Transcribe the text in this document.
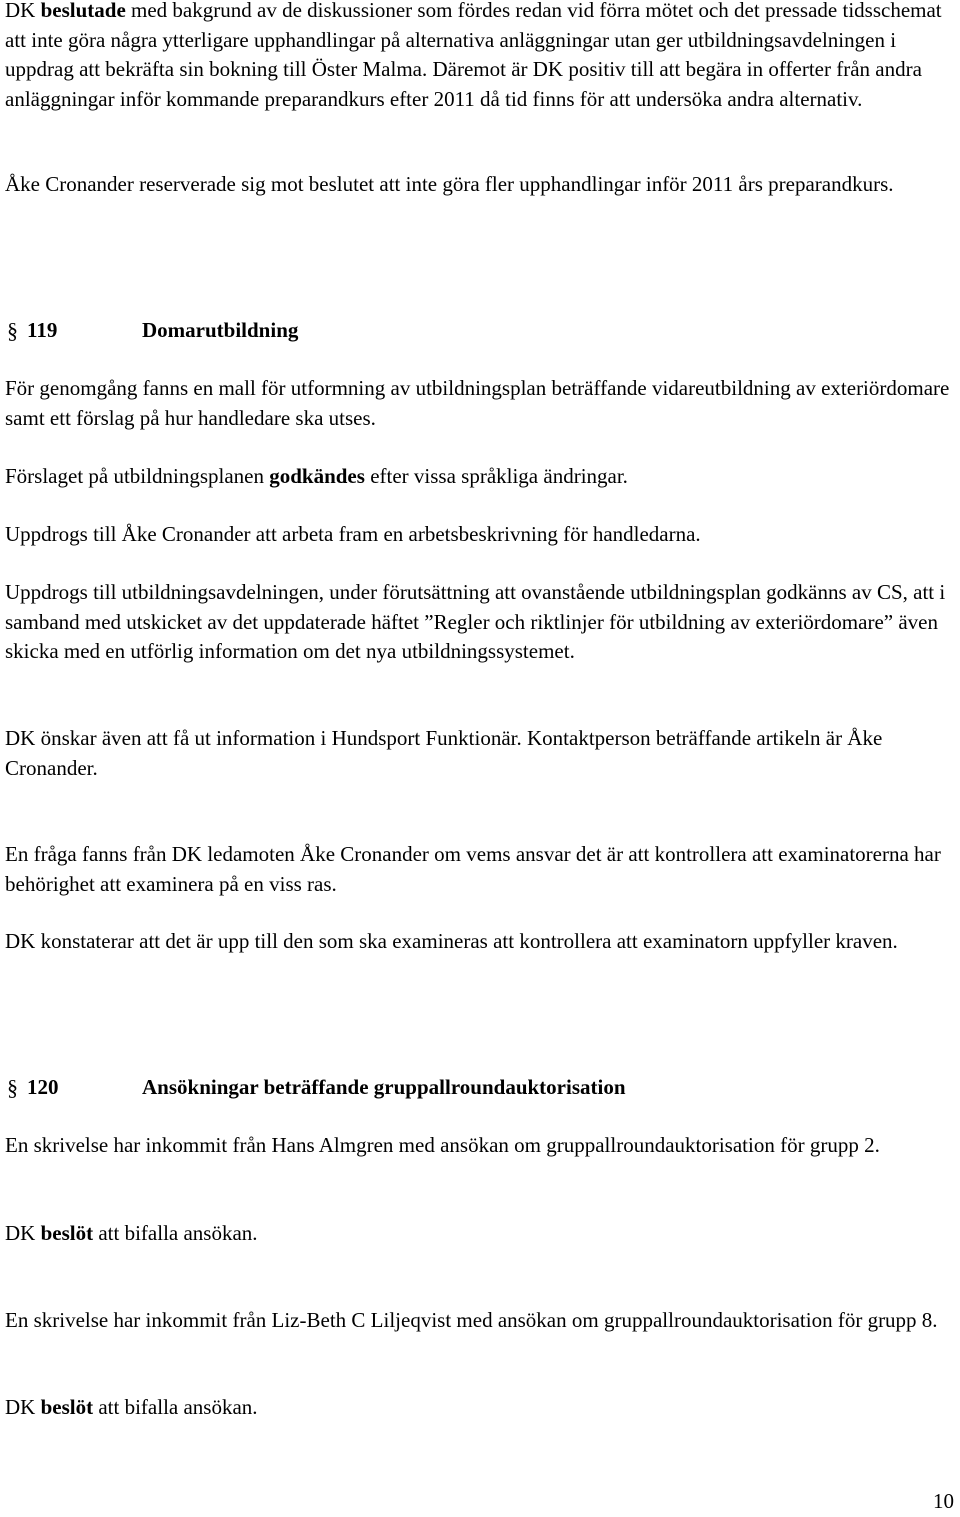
DK beslutade med bakgrund av de diskussioner som fördes redan vid förra mötet och det pressade tidsschemat att inte göra några ytterligare upphandlingar på alternativa anläggningar utan ger utbildningsavdelningen i uppdrag att bekräfta sin bokning till Öster Malma. Däremot är DK positiv till att begära in offerter från andra anläggningar inför kommande preparandkurs efter 2011 då tid finns för att undersöka andra alternativ.

Åke Cronander reserverade sig mot beslutet att inte göra fler upphandlingar inför 2011 års preparandkurs.

§ 119	Domarutbildning

För genomgång fanns en mall för utformning av utbildningsplan beträffande vidareutbildning av exteriördomare samt ett förslag på hur handledare ska utses.

Förslaget på utbildningsplanen godkändes efter vissa språkliga ändringar.

Uppdrogs till Åke Cronander att arbeta fram en arbetsbeskrivning för handledarna.

Uppdrogs till utbildningsavdelningen, under förutsättning att ovanstående utbildningsplan godkänns av CS, att i samband med utskicket av det uppdaterade häftet ”Regler och riktlinjer för utbildning av exteriördomare” även skicka med en utförlig information om det nya utbildningssystemet.

DK önskar även att få ut information i Hundsport Funktionär. Kontaktperson beträffande artikeln är Åke Cronander.

En fråga fanns från DK ledamoten Åke Cronander om vems ansvar det är att kontrollera att examinatorerna har behörighet att examinera på en viss ras.

DK konstaterar att det är upp till den som ska examineras att kontrollera att examinatorn uppfyller kraven.

§ 120	Ansökningar beträffande gruppallroundauktorisation

En skrivelse har inkommit från Hans Almgren med ansökan om gruppallroundauktorisation för grupp 2.

DK beslöt att bifalla ansökan.

En skrivelse har inkommit från Liz-Beth C Liljeqvist med ansökan om gruppallroundauktorisation för grupp 8.

DK beslöt att bifalla ansökan.

10
